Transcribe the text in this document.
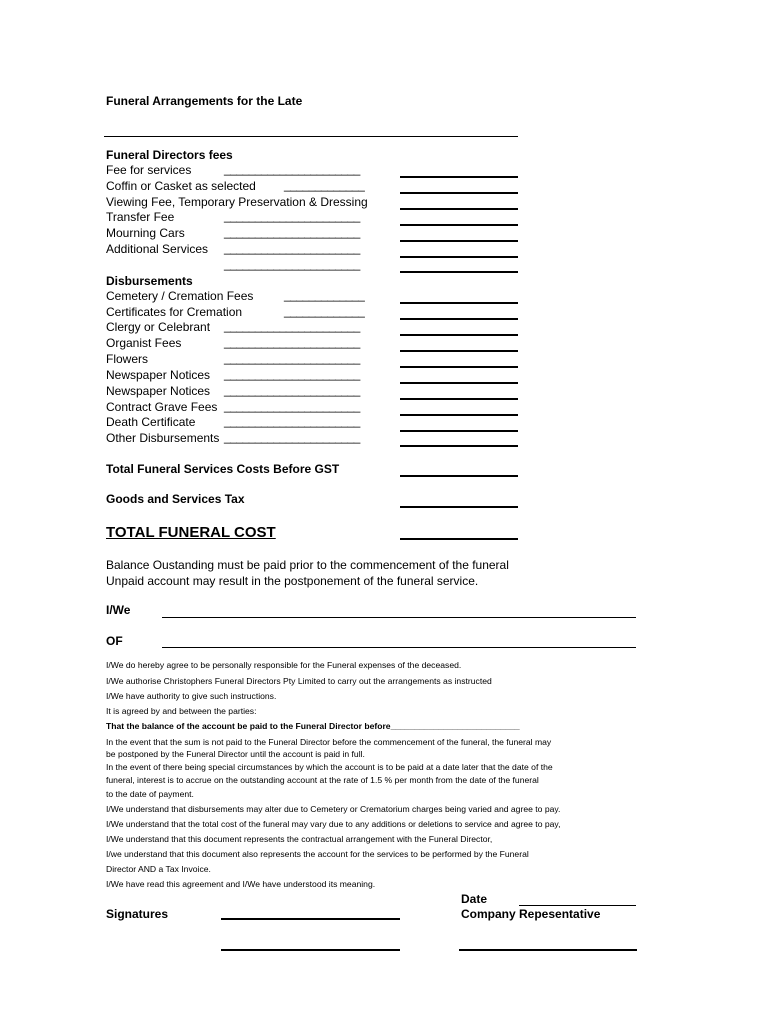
Funeral Arrangements for the Late
Funeral Directors fees
Fee for services	______________________
Coffin or Casket as selected _____________
Viewing Fee, Temporary Preservation & Dressing
Transfer Fee	______________________
Mourning Cars	______________________
Additional Services ______________________
______________________
Disbursements
Cemetery / Cremation Fees	_____________
Certificates for Cremation	_____________
Clergy or Celebrant ______________________
Organist Fees	______________________
Flowers	______________________
Newspaper Notices ______________________
Newspaper Notices ______________________
Contract Grave Fees ______________________
Death Certificate ______________________
Other Disbursements ______________________
Total Funeral Services Costs Before GST
Goods and Services Tax
TOTAL FUNERAL COST
Balance Oustanding must be paid prior to the commencement of the funeral
Unpaid account may result in the postponement of the funeral service.
I/We
OF
I/We do hereby agree to be personally responsible for the Funeral expenses of the deceased.
I/We authorise Christophers Funeral Directors Pty Limited to carry out the arrangements as instructed
I/We have authority to give such instructions.
It is agreed by and between the parties:
That the balance of the account be paid to the Funeral Director before___________________________
In the event that the sum is not paid to the Funeral Director before the commencement of the funeral, the funeral may
be postponed by the Funeral Director until the account is paid in full.
In the event of there being special circumstances by which the account is to be paid at a date later that the date of the
funeral, interest is to accrue on the outstanding account at the rate of 1.5 % per month from the date of the funeral
to the date of payment.
I/We understand that disbursements may alter due to Cemetery or Crematorium charges being varied and agree to pay.
I/We understand that the total cost of the funeral may vary due to any additions or deletions to service and agree to pay,
I/We understand that this document represents the contractual arrangement with the Funeral Director,
I/we understand that this document also represents the account for the services to be performed by the Funeral
Director AND a Tax Invoice.
I/We have read this agreement and I/We have understood its meaning.
Date
Signatures	Company Repesentative
